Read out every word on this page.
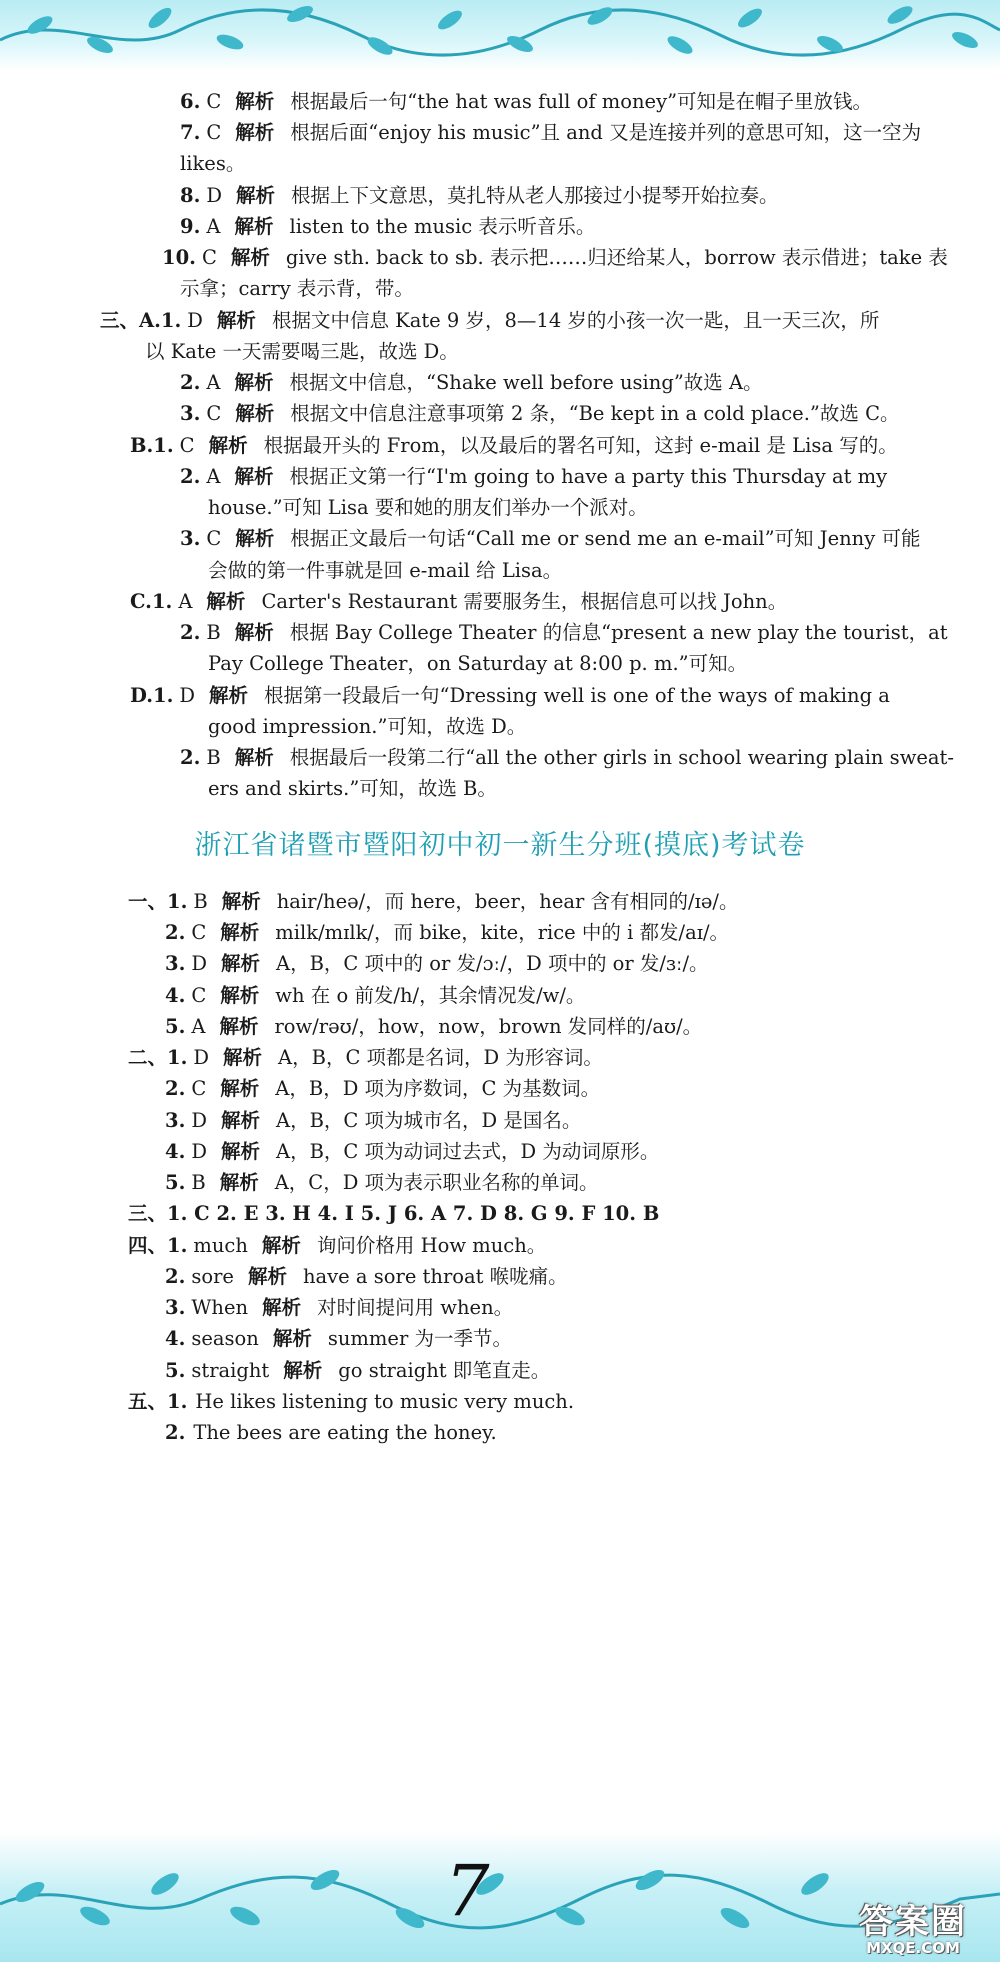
6. C 解析 根据最后一句“the hat was full of money”可知是在帽子里放钱。
7. C 解析 根据后面“enjoy his music”且 and 又是连接并列的意思可知，这一空为
likes。
8. D 解析 根据上下文意思，莫扎特从老人那接过小提琴开始拉奏。
9. A 解析 listen to the music 表示听音乐。
10. C 解析 give sth. back to sb. 表示把……归还给某人，borrow 表示借进；take 表
示拿；carry 表示背，带。
三、A.1. D 解析 根据文中信息 Kate 9 岁，8—14 岁的小孩一次一匙，且一天三次，所
以 Kate 一天需要喝三匙，故选 D。
2. A 解析 根据文中信息，“Shake well before using”故选 A。
3. C 解析 根据文中信息注意事项第 2 条，“Be kept in a cold place.”故选 C。
B.1. C 解析 根据最开头的 From，以及最后的署名可知，这封 e-mail 是 Lisa 写的。
2. A 解析 根据正文第一行“I'm going to have a party this Thursday at my
house.”可知 Lisa 要和她的朋友们举办一个派对。
3. C 解析 根据正文最后一句话“Call me or send me an e-mail”可知 Jenny 可能
会做的第一件事就是回 e-mail 给 Lisa。
C.1. A 解析 Carter's Restaurant 需要服务生，根据信息可以找 John。
2. B 解析 根据 Bay College Theater 的信息“present a new play the tourist，at
Pay College Theater，on Saturday at 8:00 p. m.”可知。
D.1. D 解析 根据第一段最后一句“Dressing well is one of the ways of making a
good impression.”可知，故选 D。
2. B 解析 根据最后一段第二行“all the other girls in school wearing plain sweat-
ers and skirts.”可知，故选 B。
浙江省诸暨市暨阳初中初一新生分班(摸底)考试卷
一、1. B 解析 hair/heə/，而 here，beer，hear 含有相同的/ɪə/。
2. C 解析 milk/mɪlk/，而 bike，kite，rice 中的 i 都发/aɪ/。
3. D 解析 A，B，C 项中的 or 发/ɔː/，D 项中的 or 发/ɜː/。
4. C 解析 wh 在 o 前发/h/，其余情况发/w/。
5. A 解析 row/rəʊ/，how，now，brown 发同样的/aʊ/。
二、1. D 解析 A，B，C 项都是名词，D 为形容词。
2. C 解析 A，B，D 项为序数词，C 为基数词。
3. D 解析 A，B，C 项为城市名，D 是国名。
4. D 解析 A，B，C 项为动词过去式，D 为动词原形。
5. B 解析 A，C，D 项为表示职业名称的单词。
三、1. C 2. E 3. H 4. I 5. J 6. A 7. D 8. G 9. F 10. B
四、1. much 解析 询问价格用 How much。
2. sore 解析 have a sore throat 喉咙痛。
3. When 解析 对时间提问用 when。
4. season 解析 summer 为一季节。
5. straight 解析 go straight 即笔直走。
五、1. He likes listening to music very much.
2. The bees are eating the honey.
7	答案圈
MXQE.COM
